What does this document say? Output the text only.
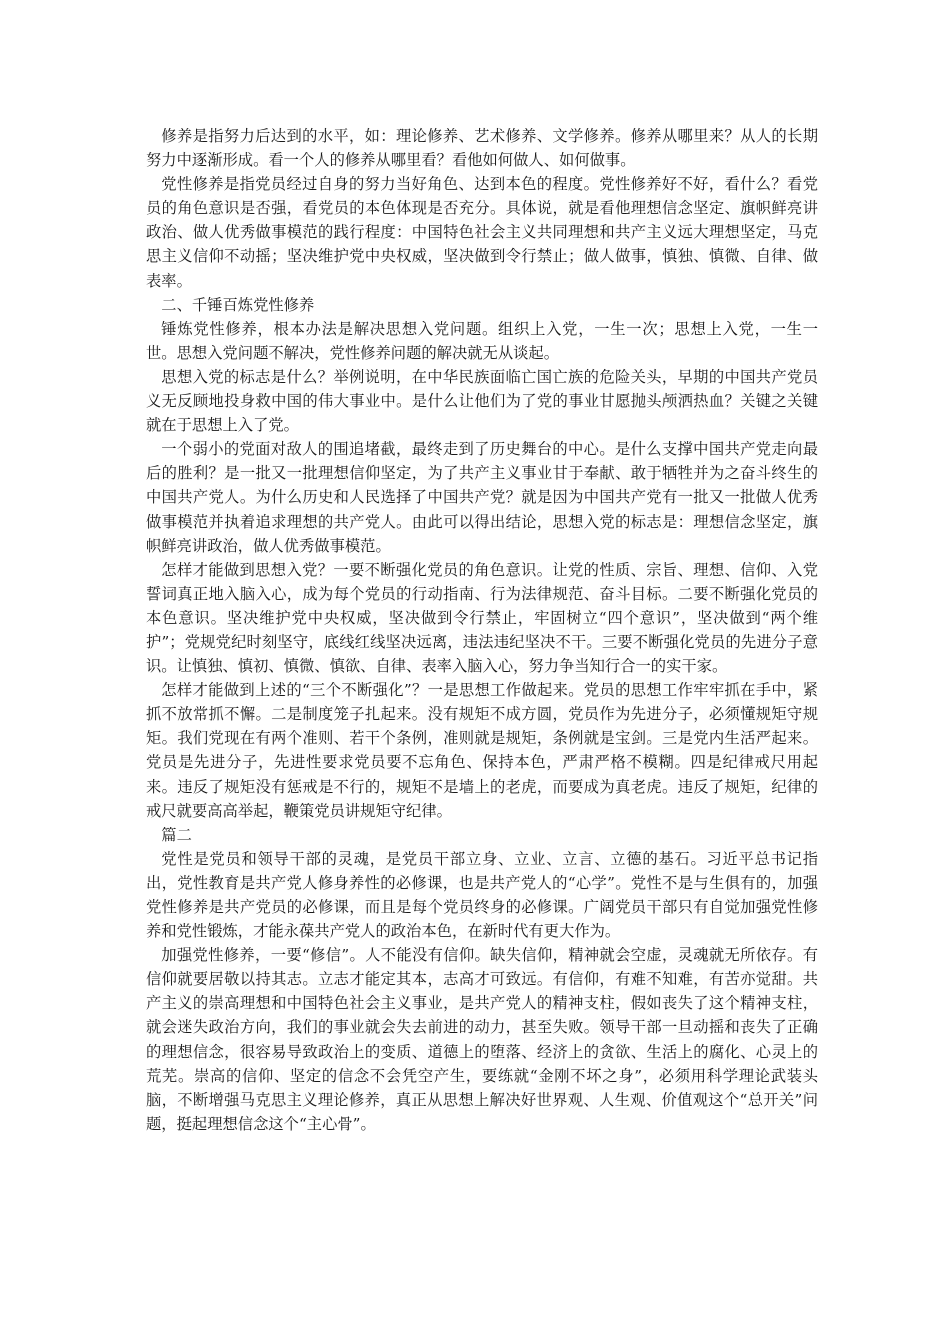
修养是指努力后达到的水平，如：理论修养、艺术修养、文学修养。修养从哪里来？从人的长期努力中逐渐形成。看一个人的修养从哪里看？看他如何做人、如何做事。

党性修养是指党员经过自身的努力当好角色、达到本色的程度。党性修养好不好，看什么？看党员的角色意识是否强，看党员的本色体现是否充分。具体说，就是看他理想信念坚定、旗帜鲜亮讲政治、做人优秀做事模范的践行程度：中国特色社会主义共同理想和共产主义远大理想坚定，马克思主义信仰不动摇；坚决维护党中央权威，坚决做到令行禁止；做人做事，慎独、慎微、自律、做表率。

二、千锤百炼党性修养

锤炼党性修养，根本办法是解决思想入党问题。组织上入党，一生一次；思想上入党，一生一世。思想入党问题不解决，党性修养问题的解决就无从谈起。

思想入党的标志是什么？举例说明，在中华民族面临亡国亡族的危险关头，早期的中国共产党员义无反顾地投身救中国的伟大事业中。是什么让他们为了党的事业甘愿抛头颅洒热血？关键之关键就在于思想上入了党。

一个弱小的党面对敌人的围追堵截，最终走到了历史舞台的中心。是什么支撑中国共产党走向最后的胜利？是一批又一批理想信仰坚定，为了共产主义事业甘于奉献、敢于牺牲并为之奋斗终生的中国共产党人。为什么历史和人民选择了中国共产党？就是因为中国共产党有一批又一批做人优秀做事模范并执着追求理想的共产党人。由此可以得出结论，思想入党的标志是：理想信念坚定，旗帜鲜亮讲政治，做人优秀做事模范。

怎样才能做到思想入党？一要不断强化党员的角色意识。让党的性质、宗旨、理想、信仰、入党誓词真正地入脑入心，成为每个党员的行动指南、行为法律规范、奋斗目标。二要不断强化党员的本色意识。坚决维护党中央权威，坚决做到令行禁止，牢固树立“四个意识”，坚决做到“两个维护”；党规党纪时刻坚守，底线红线坚决远离，违法违纪坚决不干。三要不断强化党员的先进分子意识。让慎独、慎初、慎微、慎欲、自律、表率入脑入心，努力争当知行合一的实干家。

怎样才能做到上述的“三个不断强化”？一是思想工作做起来。党员的思想工作牢牢抓在手中，紧抓不放常抓不懈。二是制度笼子扎起来。没有规矩不成方圆，党员作为先进分子，必须懂规矩守规矩。我们党现在有两个准则、若干个条例，准则就是规矩，条例就是宝剑。三是党内生活严起来。党员是先进分子，先进性要求党员要不忘角色、保持本色，严肃严格不模糊。四是纪律戒尺用起来。违反了规矩没有惩戒是不行的，规矩不是墙上的老虎，而要成为真老虎。违反了规矩，纪律的戒尺就要高高举起，鞭策党员讲规矩守纪律。

篇二

党性是党员和领导干部的灵魂，是党员干部立身、立业、立言、立德的基石。习近平总书记指出，党性教育是共产党人修身养性的必修课，也是共产党人的“心学”。党性不是与生俱有的，加强党性修养是共产党员的必修课，而且是每个党员终身的必修课。广阔党员干部只有自觉加强党性修养和党性锻炼，才能永葆共产党人的政治本色，在新时代有更大作为。

加强党性修养，一要“修信”。人不能没有信仰。缺失信仰，精神就会空虚，灵魂就无所依存。有信仰就要居敬以持其志。立志才能定其本，志高才可致远。有信仰，有难不知难，有苦亦觉甜。共产主义的崇高理想和中国特色社会主义事业，是共产党人的精神支柱，假如丧失了这个精神支柱，就会迷失政治方向，我们的事业就会失去前进的动力，甚至失败。领导干部一旦动摇和丧失了正确的理想信念，很容易导致政治上的变质、道德上的堕落、经济上的贪欲、生活上的腐化、心灵上的荒芜。崇高的信仰、坚定的信念不会凭空产生，要练就“金刚不坏之身”，必须用科学理论武装头脑，不断增强马克思主义理论修养，真正从思想上解决好世界观、人生观、价值观这个“总开关”问题，挺起理想信念这个“主心骨”。
